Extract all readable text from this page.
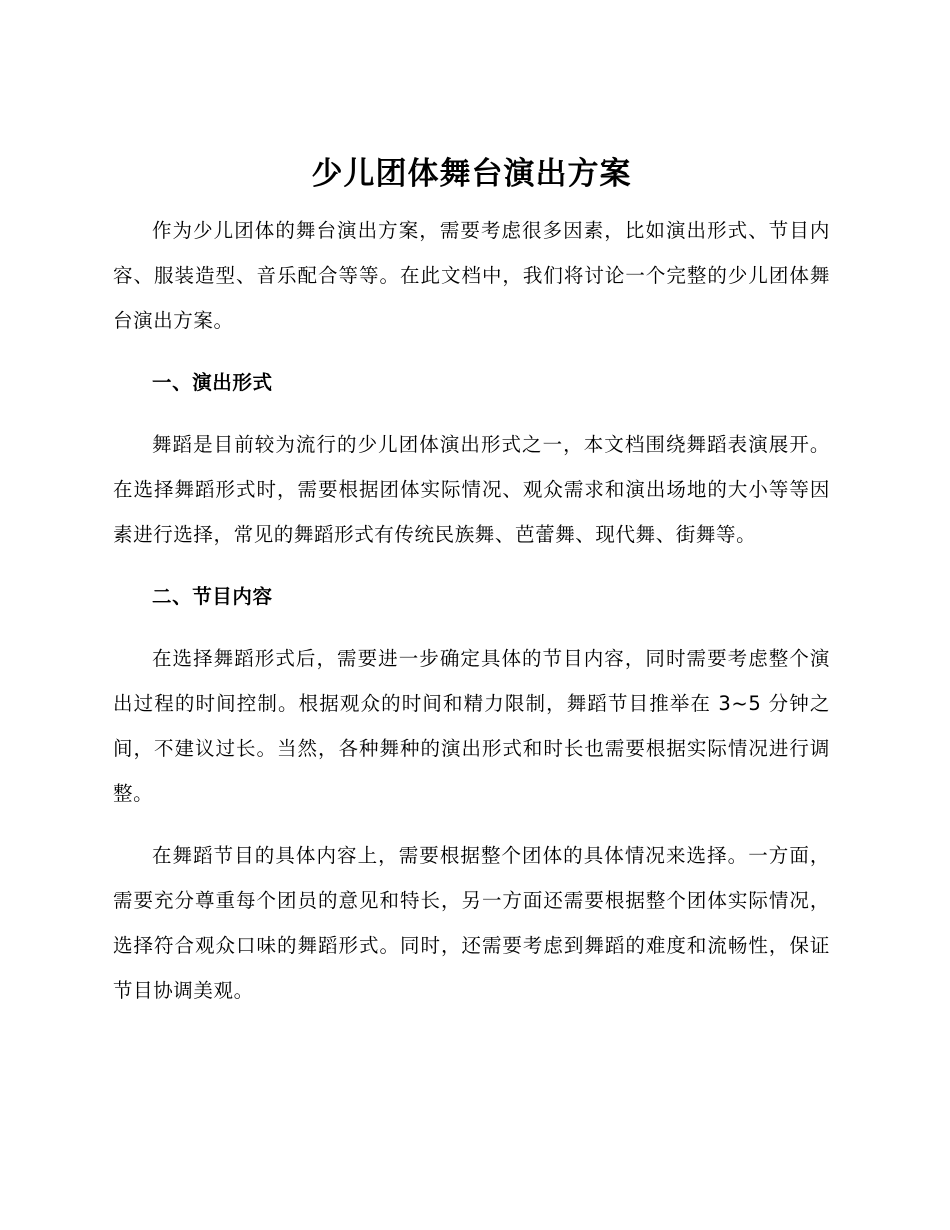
少儿团体舞台演出方案

作为少儿团体的舞台演出方案，需要考虑很多因素，比如演出形式、节目内容、服装造型、音乐配合等等。在此文档中，我们将讨论一个完整的少儿团体舞台演出方案。

一、演出形式

舞蹈是目前较为流行的少儿团体演出形式之一，本文档围绕舞蹈表演展开。在选择舞蹈形式时，需要根据团体实际情况、观众需求和演出场地的大小等等因素进行选择，常见的舞蹈形式有传统民族舞、芭蕾舞、现代舞、街舞等。

二、节目内容

在选择舞蹈形式后，需要进一步确定具体的节目内容，同时需要考虑整个演出过程的时间控制。根据观众的时间和精力限制，舞蹈节目推举在 3~5 分钟之间，不建议过长。当然，各种舞种的演出形式和时长也需要根据实际情况进行调整。

在舞蹈节目的具体内容上，需要根据整个团体的具体情况来选择。一方面，需要充分尊重每个团员的意见和特长，另一方面还需要根据整个团体实际情况，选择符合观众口味的舞蹈形式。同时，还需要考虑到舞蹈的难度和流畅性，保证节目协调美观。
